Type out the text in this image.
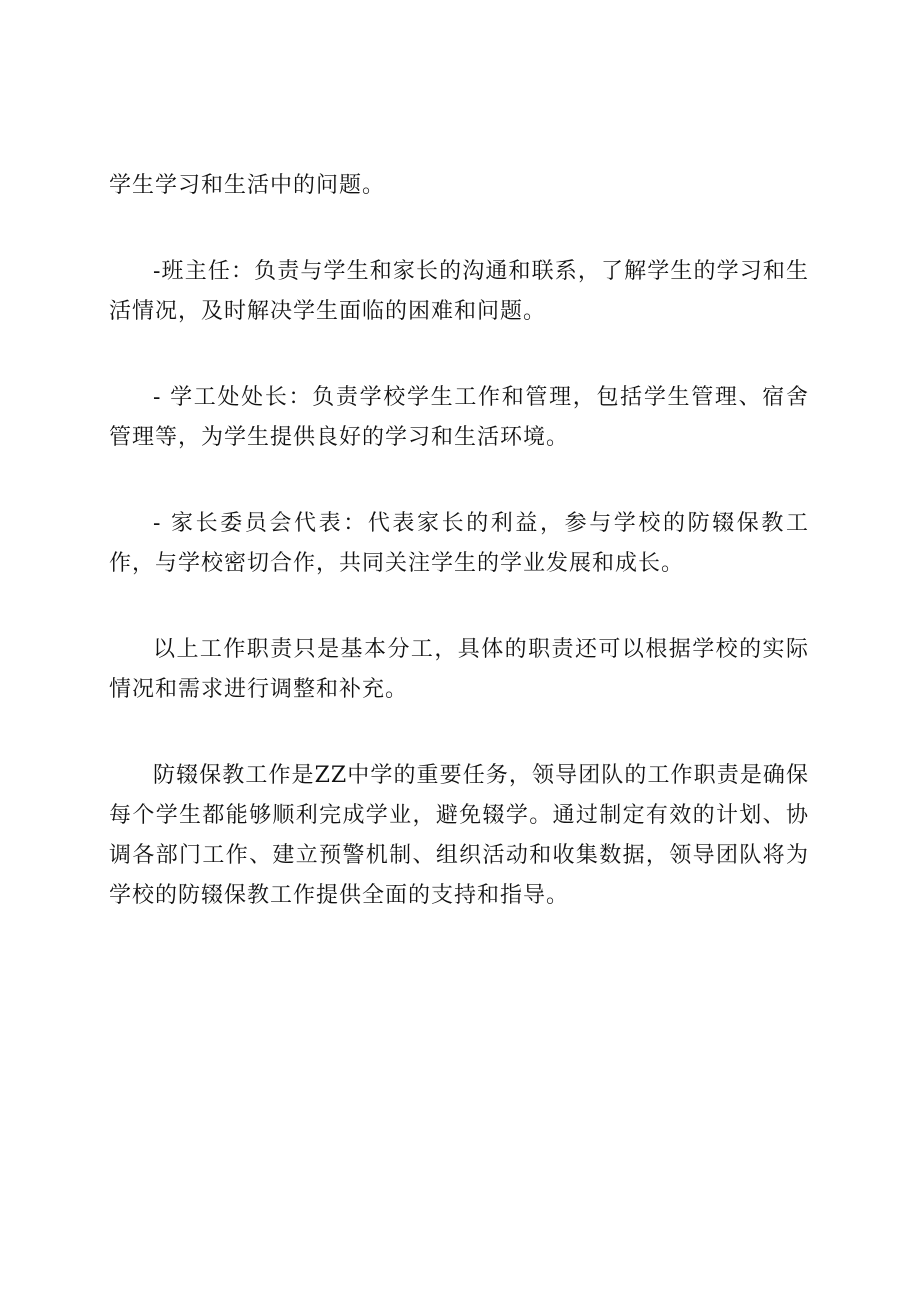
学生学习和生活中的问题。

-班主任：负责与学生和家长的沟通和联系，了解学生的学习和生活情况，及时解决学生面临的困难和问题。

- 学工处处长：负责学校学生工作和管理，包括学生管理、宿舍管理等，为学生提供良好的学习和生活环境。

- 家长委员会代表：代表家长的利益，参与学校的防辍保教工作，与学校密切合作，共同关注学生的学业发展和成长。

以上工作职责只是基本分工，具体的职责还可以根据学校的实际情况和需求进行调整和补充。

防辍保教工作是ZZ中学的重要任务，领导团队的工作职责是确保每个学生都能够顺利完成学业，避免辍学。通过制定有效的计划、协调各部门工作、建立预警机制、组织活动和收集数据，领导团队将为学校的防辍保教工作提供全面的支持和指导。
